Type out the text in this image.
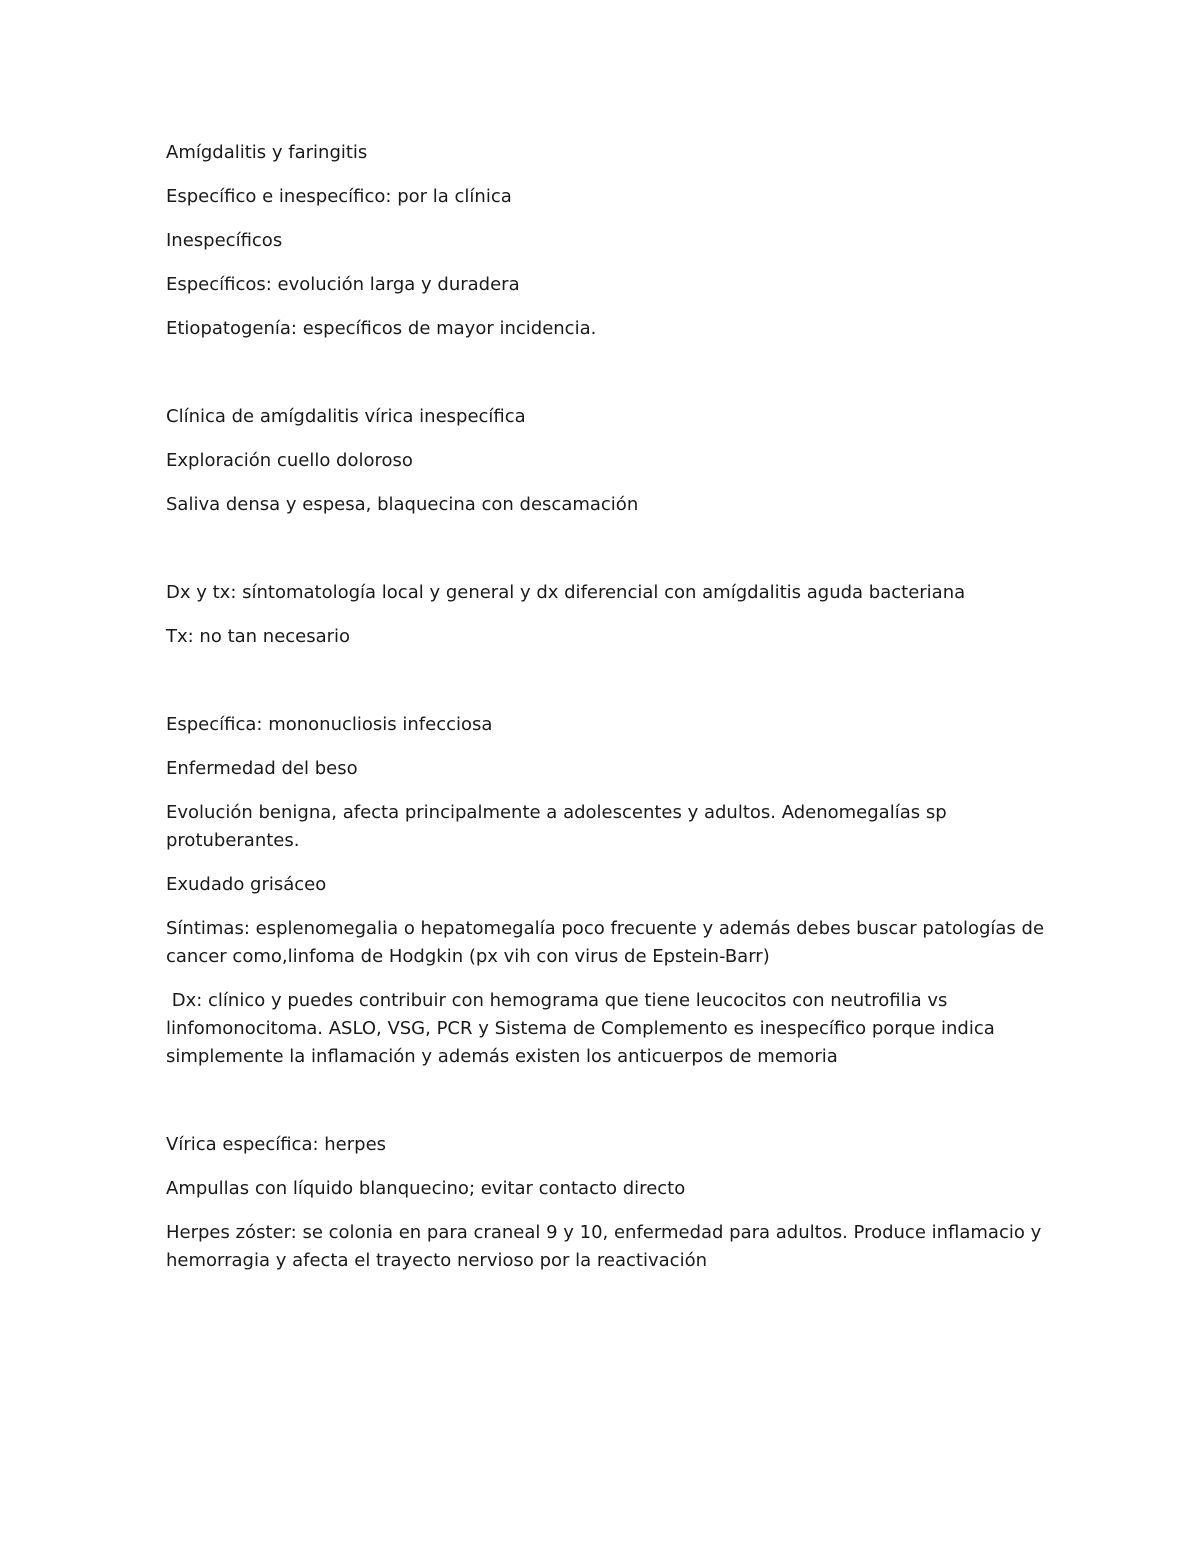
Amígdalitis y faringitis

Específico e inespecífico: por la clínica

Inespecíficos

Específicos: evolución larga y duradera

Etiopatogenía: específicos de mayor incidencia.

Clínica de amígdalitis vírica inespecífica

Exploración cuello doloroso

Saliva densa y espesa, blaquecina con descamación

Dx y tx: síntomatología local y general y dx diferencial con amígdalitis aguda bacteriana

Tx: no tan necesario

Específica: mononucliosis infecciosa

Enfermedad del beso

Evolución benigna, afecta principalmente a adolescentes y adultos. Adenomegalías sp protuberantes.

Exudado grisáceo

Síntimas: esplenomegalia o hepatomegalía poco frecuente y además debes buscar patologías de cancer como,linfoma de Hodgkin (px vih con virus de Epstein-Barr)

Dx: clínico y puedes contribuir con hemograma que tiene leucocitos con neutrofilia vs linfomonocitoma. ASLO, VSG, PCR y Sistema de Complemento es inespecífico porque indica simplemente la inflamación y además existen los anticuerpos de memoria

Vírica específica: herpes

Ampullas con líquido blanquecino; evitar contacto directo

Herpes zóster: se colonia en para craneal 9 y 10, enfermedad para adultos. Produce inflamacio y hemorragia y afecta el trayecto nervioso por la reactivación
